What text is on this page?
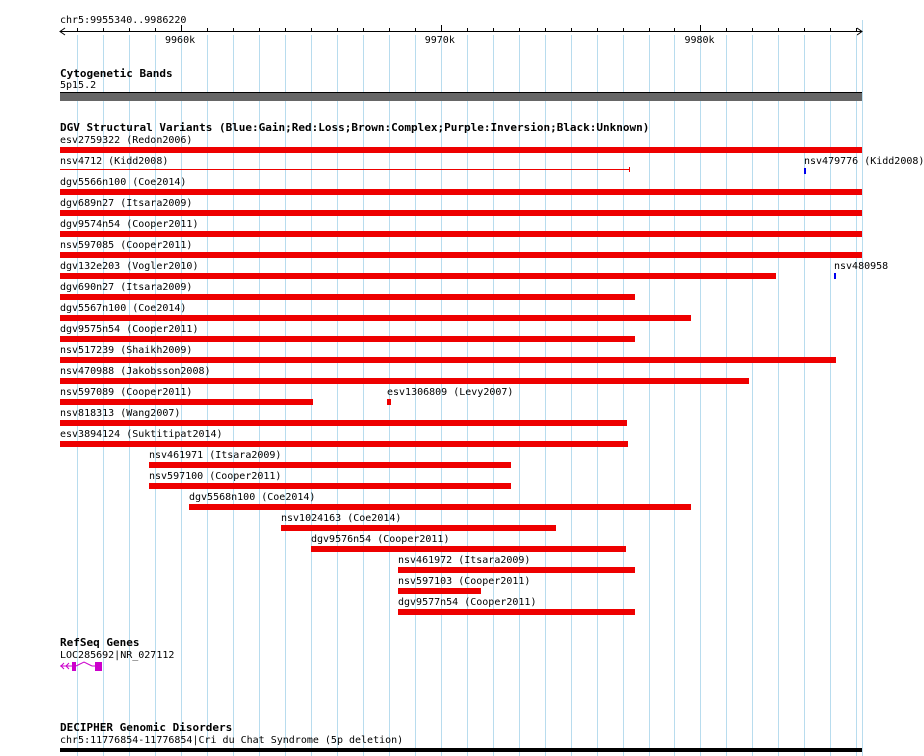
chr5:9955340..9986220
9960k	9970k	9980k
Cytogenetic Bands
5p15.2
DGV Structural Variants (Blue:Gain;Red:Loss;Brown:Complex;Purple:Inversion;Black:Unknown)
esv2759322 (Redon2006)
nsv4712 (Kidd2008)	nsv479776 (Kidd2008)
dgv5566n100 (Coe2014)
dgv689n27 (Itsara2009)
dgv9574n54 (Cooper2011)
nsv597085 (Cooper2011)
dgv132e203 (Vogler2010)	nsv480958
dgv690n27 (Itsara2009)
dgv5567n100 (Coe2014)
dgv9575n54 (Cooper2011)
nsv517239 (Shaikh2009)
nsv470988 (Jakobsson2008)
nsv597089 (Cooper2011)	esv1306809 (Levy2007)
nsv818313 (Wang2007)
esv3894124 (Suktitipat2014)
nsv461971 (Itsara2009)
nsv597100 (Cooper2011)
dgv5568n100 (Coe2014)
nsv1024163 (Coe2014)
dgv9576n54 (Cooper2011)
nsv461972 (Itsara2009)
nsv597103 (Cooper2011)
dgv9577n54 (Cooper2011)
RefSeq Genes
LOC285692|NR_027112
DECIPHER Genomic Disorders
chr5:11776854-11776854|Cri du Chat Syndrome (5p deletion)
